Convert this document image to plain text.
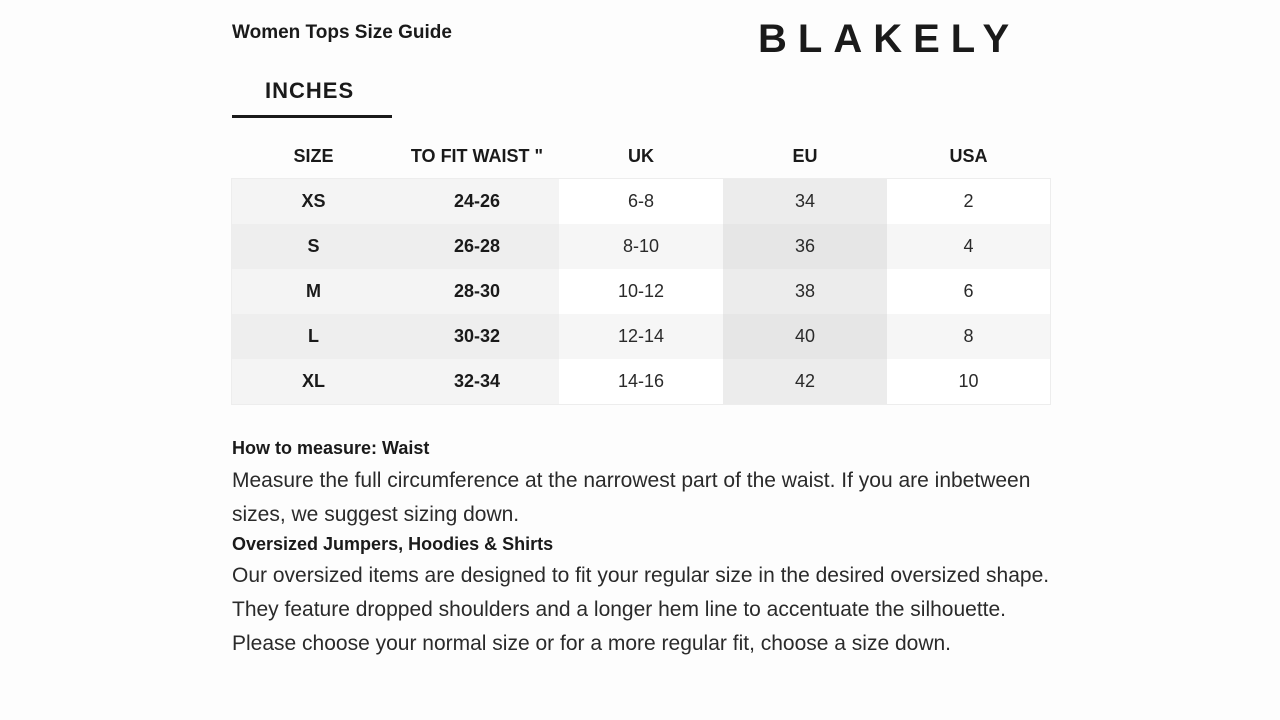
Women Tops Size Guide	BLAKELY
INCHES
SIZE	TO FIT WAIST "	UK	EU	USA
XS	24-26	6-8	34	2
S	26-28	8-10	36	4
M	28-30	10-12	38	6
L	30-32	12-14	40	8
XL	32-34	14-16	42	10
How to measure: Waist

Measure the full circumference at the narrowest part of the waist. If you are inbetween sizes, we suggest sizing down.

Oversized Jumpers, Hoodies & Shirts

Our oversized items are designed to fit your regular size in the desired oversized shape. They feature dropped shoulders and a longer hem line to accentuate the silhouette. Please choose your normal size or for a more regular fit, choose a size down.
